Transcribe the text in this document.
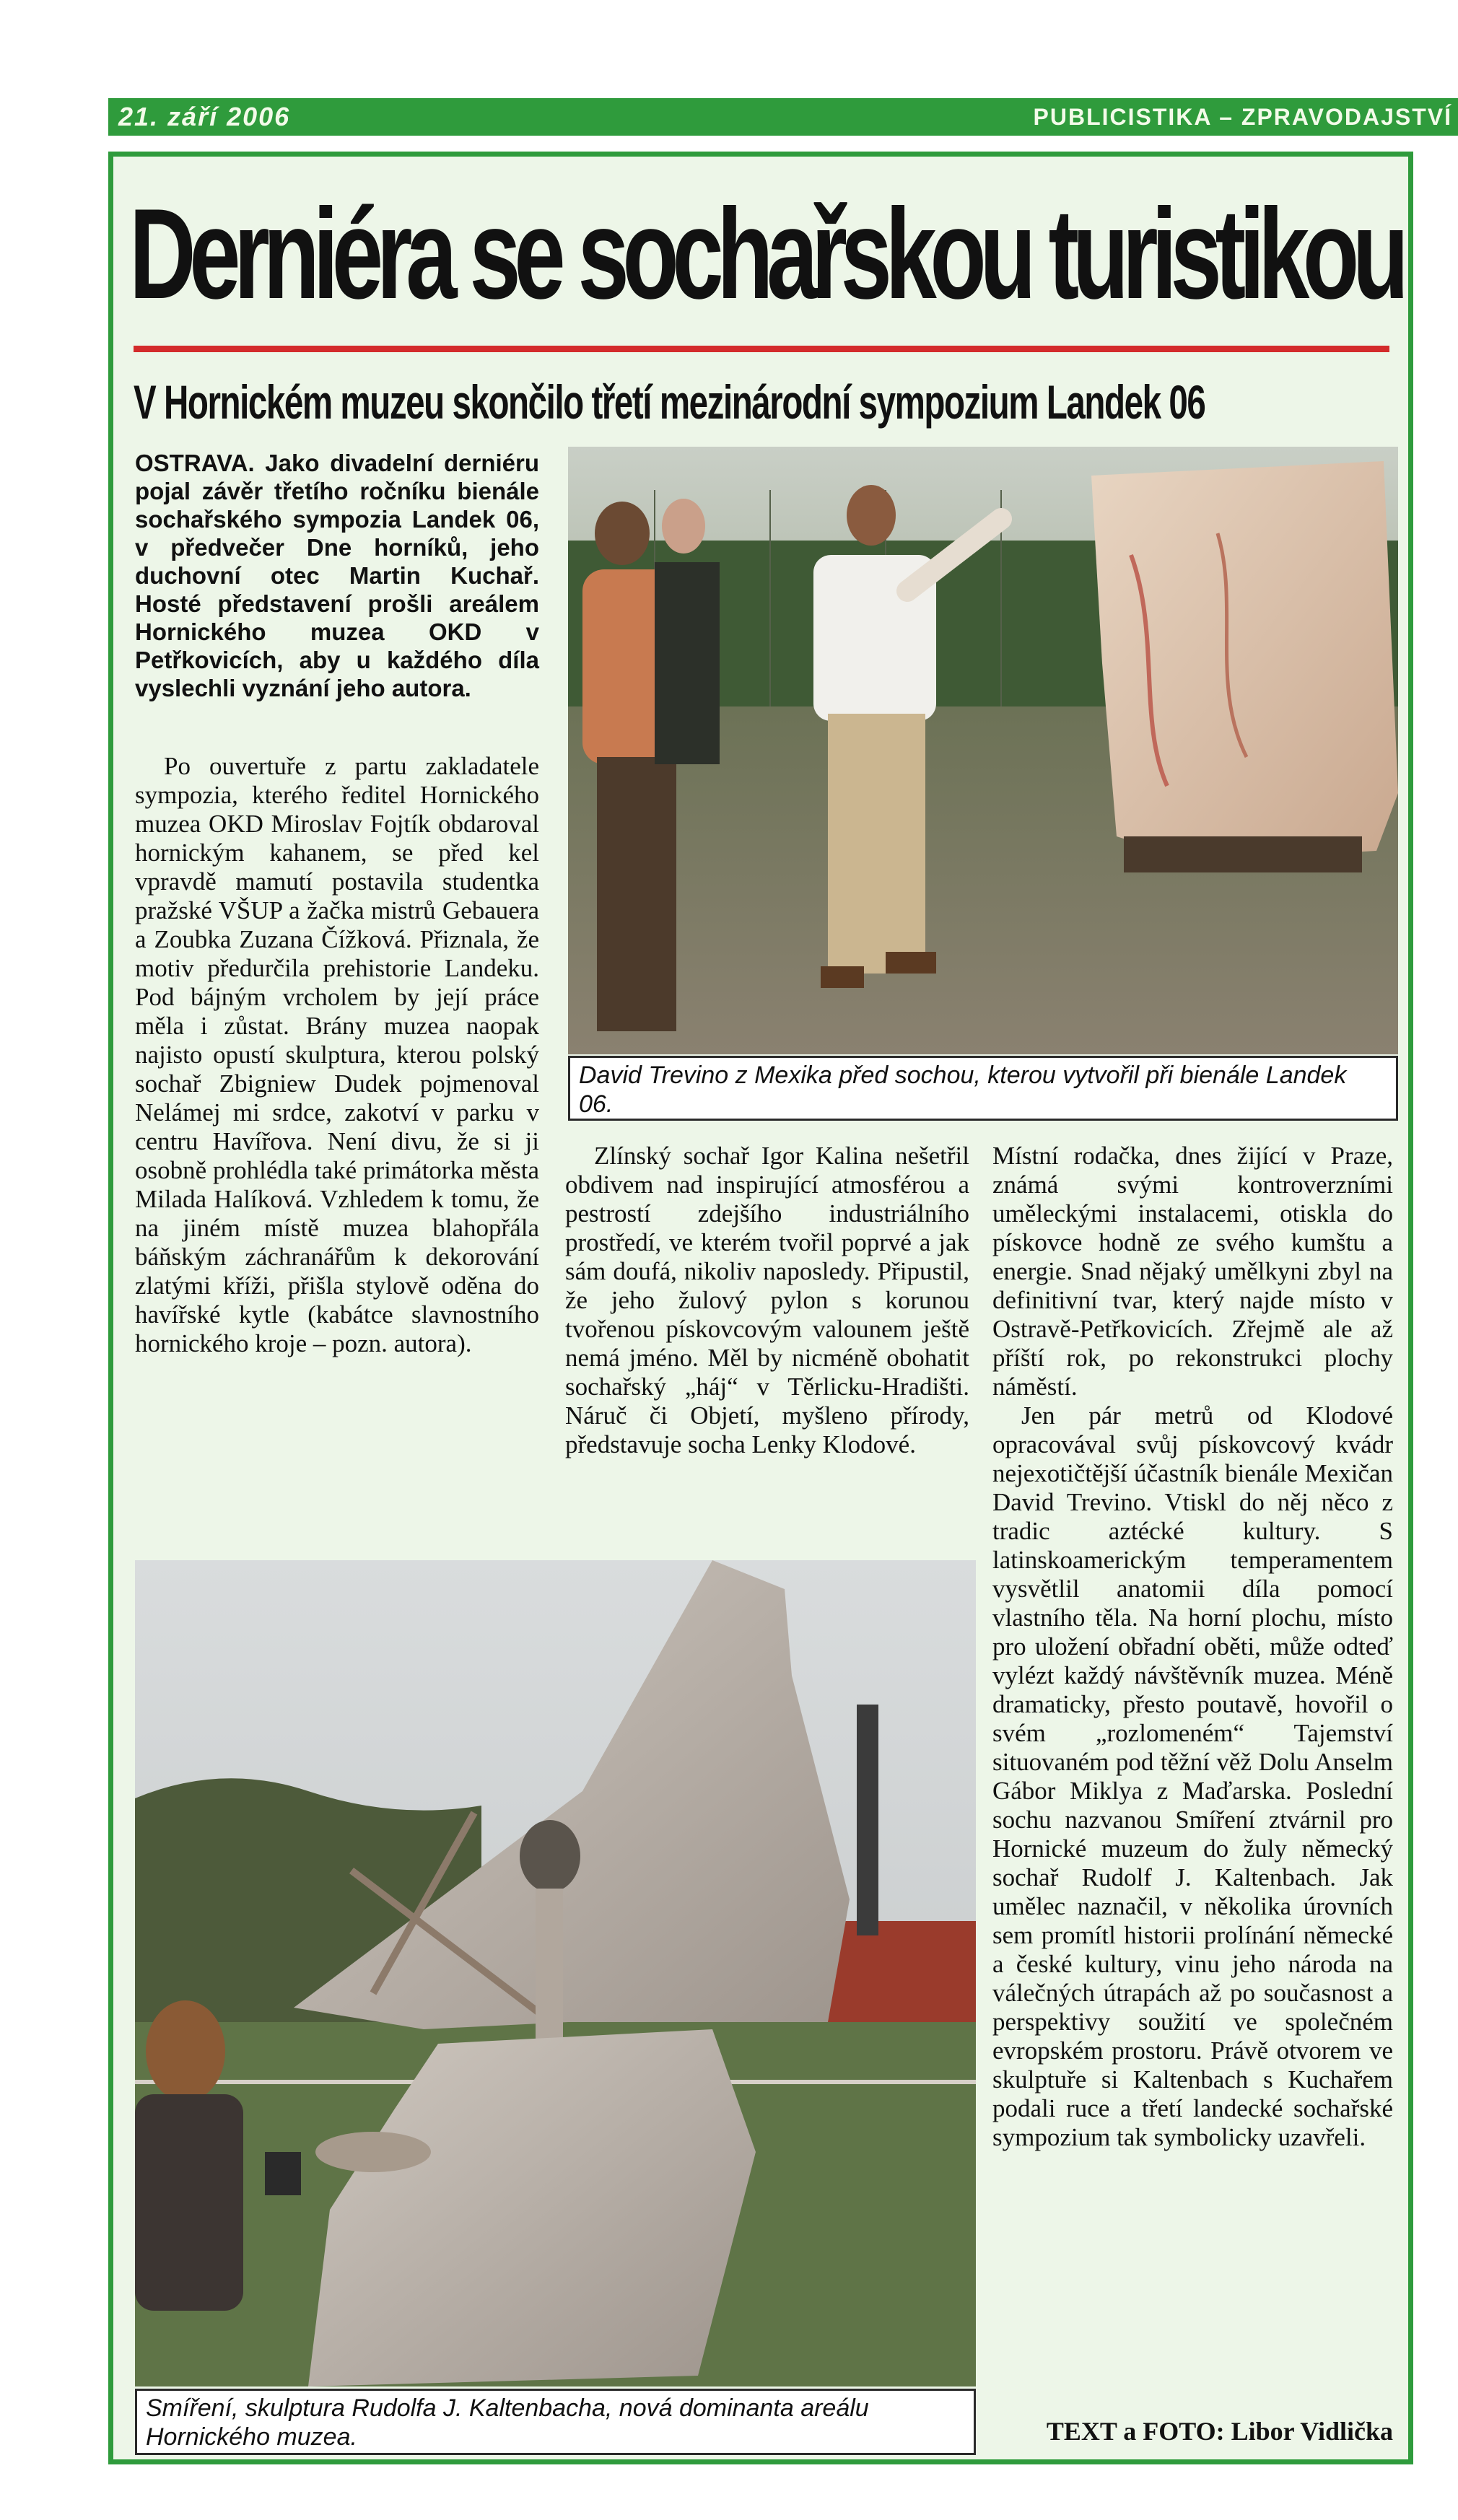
21. září 2006	PUBLICISTIKA – ZPRAVODAJSTVÍ
Derniéra se sochařskou turistikou
V Hornickém muzeu skončilo třetí mezinárodní sympozium Landek 06

OSTRAVA. Jako divadelní derniéru pojal závěr třetího ročníku bienále sochařského sympozia Landek 06, v předvečer Dne horníků, jeho duchovní otec Martin Kuchař. Hosté představení prošli areálem Hornického muzea OKD v Petřkovicích, aby u každého díla vyslechli vyznání jeho autora.

David Trevino z Mexika před sochou, kterou vytvořil při bienále Landek 06.

Po ouvertuře z partu zakladatele sympozia, kterého ředitel Hornického muzea OKD Miroslav Fojtík obdaroval hornickým kahanem, se před kel vpravdě mamutí postavila studentka pražské VŠUP a žačka mistrů Gebauera a Zoubka Zuzana Čížková. Přiznala, že motiv předurčila prehistorie Landeku. Pod bájným vrcholem by její práce měla i zůstat. Brány muzea naopak najisto opustí skulptura, kterou polský sochař Zbigniew Dudek pojmenoval Nelámej mi srdce, zakotví v parku v centru Havířova. Není divu, že si ji osobně prohlédla také primátorka města Milada Halíková. Vzhledem k tomu, že na jiném místě muzea blahopřála báňským záchranářům k dekorování zlatými kříži, přišla stylově oděna do havířské kytle (kabátce slavnostního hornického kroje – pozn. autora).

Zlínský sochař Igor Kalina nešetřil obdivem nad inspirující atmosférou a pestrostí zdejšího industriálního prostředí, ve kterém tvořil poprvé a jak sám doufá, nikoliv naposledy. Připustil, že jeho žulový pylon s korunou tvořenou pískovcovým valounem ještě nemá jméno. Měl by nicméně obohatit sochařský „háj“ v Těrlicku-Hradišti. Náruč či Objetí, myšleno přírody, představuje socha Lenky Klodové.

Místní rodačka, dnes žijící v Praze, známá svými kontroverzními uměleckými instalacemi, otiskla do pískovce hodně ze svého kumštu a energie. Snad nějaký umělkyni zbyl na definitivní tvar, který najde místo v Ostravě-Petřkovicích. Zřejmě ale až příští rok, po rekonstrukci plochy náměstí.
Jen pár metrů od Klodové opracovával svůj pískovcový kvádr nejexotičtější účastník bienále Mexičan David Trevino. Vtiskl do něj něco z tradic aztécké kultury. S latinskoamerickým temperamentem vysvětlil anatomii díla pomocí vlastního těla. Na horní plochu, místo pro uložení obřadní oběti, může odteď vylézt každý návštěvník muzea. Méně dramaticky, přesto poutavě, hovořil o svém „rozlomeném“ Tajemství situovaném pod těžní věž Dolu Anselm Gábor Miklya z Maďarska. Poslední sochu nazvanou Smíření ztvárnil pro Hornické muzeum do žuly německý sochař Rudolf J. Kaltenbach. Jak umělec naznačil, v několika úrovních sem promítl historii prolínání německé a české kultury, vinu jeho národa na válečných útrapách až po současnost a perspektivy soužití ve společném evropském prostoru. Právě otvorem ve skulptuře si Kaltenbach s Kuchařem podali ruce a třetí landecké sochařské sympozium tak symbolicky uzavřeli.
Smíření, skulptura Rudolfa J. Kaltenbacha, nová dominanta areálu Hornického muzea.	TEXT a FOTO: Libor Vidlička
